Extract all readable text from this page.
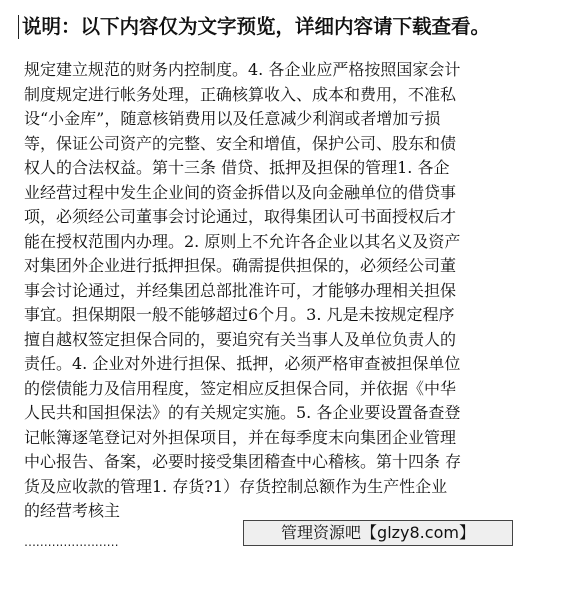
说明：以下内容仅为文字预览，详细内容请下载查看。
规定建立规范的财务内控制度。4. 各企业应严格按照国家会计
制度规定进行帐务处理，正确核算收入、成本和费用，不准私
设“小金库”，随意核销费用以及任意减少利润或者增加亏损
等，保证公司资产的完整、安全和增值，保护公司、股东和债
权人的合法权益。第十三条 借贷、抵押及担保的管理1. 各企
业经营过程中发生企业间的资金拆借以及向金融单位的借贷事
项，必须经公司董事会讨论通过，取得集团认可书面授权后才
能在授权范围内办理。2. 原则上不允许各企业以其名义及资产
对集团外企业进行抵押担保。确需提供担保的，必须经公司董
事会讨论通过，并经集团总部批准许可，才能够办理相关担保
事宜。担保期限一般不能够超过6个月。3. 凡是未按规定程序
擅自越权签定担保合同的，要追究有关当事人及单位负责人的
责任。4. 企业对外进行担保、抵押，必须严格审查被担保单位
的偿债能力及信用程度，签定相应反担保合同，并依据《中华
人民共和国担保法》的有关规定实施。5. 各企业要设置备查登
记帐簿逐笔登记对外担保项目，并在每季度末向集团企业管理
中心报告、备案，必要时接受集团稽查中心稽核。第十四条 存
货及应收款的管理1. 存货?1）存货控制总额作为生产性企业
的经营考核主
……………………	管理资源吧【glzy8.com】
